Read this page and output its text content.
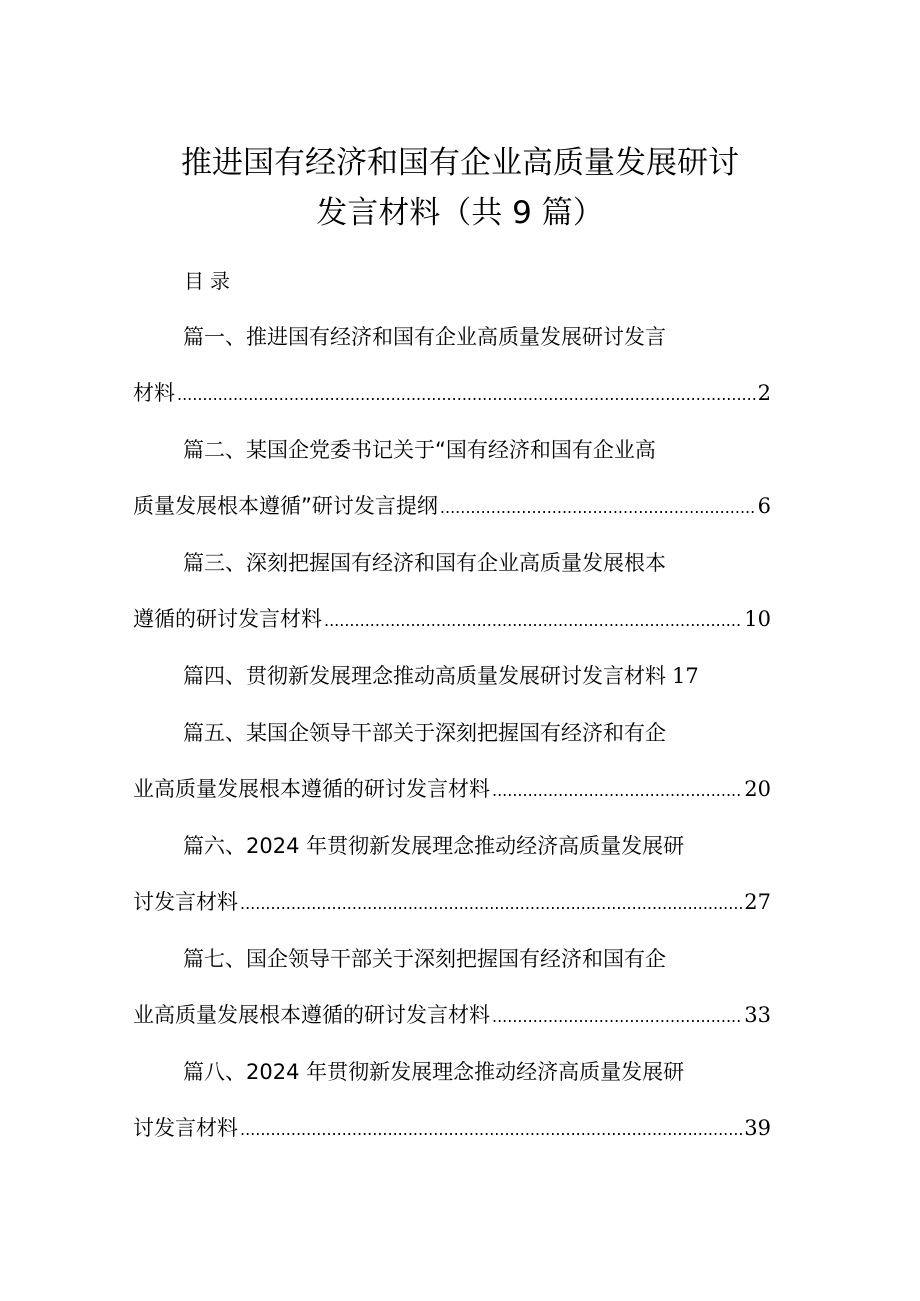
推进国有经济和国有企业高质量发展研讨
发言材料（共 9 篇）
目录
篇一、推进国有经济和国有企业高质量发展研讨发言
材料 .....	2
篇二、某国企党委书记关于“国有经济和国有企业高
质量发展根本遵循”研讨发言提纲 .....	6
篇三、深刻把握国有经济和国有企业高质量发展根本
遵循的研讨发言材料 .....	10
篇四、贯彻新发展理念推动高质量发展研讨发言材料 17
篇五、某国企领导干部关于深刻把握国有经济和有企
业高质量发展根本遵循的研讨发言材料 .....	20
篇六、2024 年贯彻新发展理念推动经济高质量发展研
讨发言材料 .....	27
篇七、国企领导干部关于深刻把握国有经济和国有企
业高质量发展根本遵循的研讨发言材料 .....	33
篇八、2024 年贯彻新发展理念推动经济高质量发展研
讨发言材料 .....	39
